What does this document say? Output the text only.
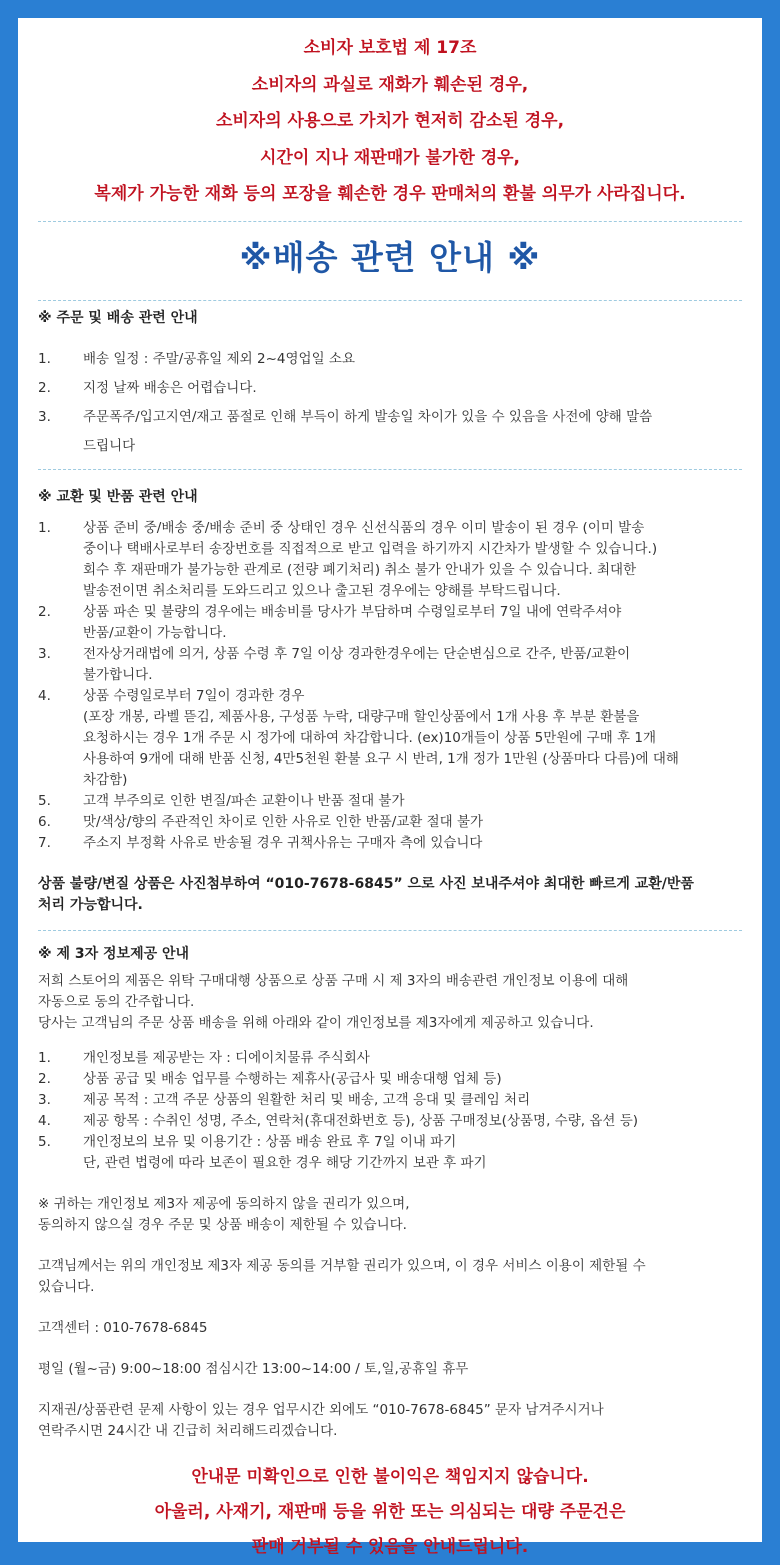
소비자 보호법 제 17조
소비자의 과실로 재화가 훼손된 경우,
소비자의 사용으로 가치가 현저히 감소된 경우,
시간이 지나 재판매가 불가한 경우,
복제가 가능한 재화 등의 포장을 훼손한 경우 판매처의 환불 의무가 사라집니다.
※배송 관련 안내 ※
※ 주문 및 배송 관련 안내
1.	배송 일정 : 주말/공휴일 제외 2~4영업일 소요
2.	지정 날짜 배송은 어렵습니다.
3.	주문폭주/입고지연/재고 품절로 인해 부득이 하게 발송일 차이가 있을 수 있음을 사전에 양해 말씀
드립니다
※ 교환 및 반품 관련 안내
1.	상품 준비 중/배송 중/배송 준비 중 상태인 경우 신선식품의 경우 이미 발송이 된 경우 (이미 발송
중이나 택배사로부터 송장번호를 직접적으로 받고 입력을 하기까지 시간차가 발생할 수 있습니다.)
회수 후 재판매가 불가능한 관계로 (전량 폐기처리) 취소 불가 안내가 있을 수 있습니다. 최대한
발송전이면 취소처리를 도와드리고 있으나 출고된 경우에는 양해를 부탁드립니다.
2.	상품 파손 및 불량의 경우에는 배송비를 당사가 부담하며 수령일로부터 7일 내에 연락주셔야
반품/교환이 가능합니다.
3.	전자상거래법에 의거, 상품 수령 후 7일 이상 경과한경우에는 단순변심으로 간주, 반품/교환이
불가합니다.
4.	상품 수령일로부터 7일이 경과한 경우
(포장 개봉, 라벨 뜯김, 제품사용, 구성품 누락, 대량구매 할인상품에서 1개 사용 후 부분 환불을
요청하시는 경우 1개 주문 시 정가에 대하여 차감합니다. (ex)10개들이 상품 5만원에 구매 후 1개
사용하여 9개에 대해 반품 신청, 4만5천원 환불 요구 시 반려, 1개 정가 1만원 (상품마다 다름)에 대해
차감함)
5.	고객 부주의로 인한 변질/파손 교환이나 반품 절대 불가
6.	맛/색상/향의 주관적인 차이로 인한 사유로 인한 반품/교환 절대 불가
7.	주소지 부정확 사유로 반송될 경우 귀책사유는 구매자 측에 있습니다
상품 불량/변질 상품은 사진첨부하여 “010-7678-6845” 으로 사진 보내주셔야 최대한 빠르게 교환/반품
처리 가능합니다.
※ 제 3자 정보제공 안내
저희 스토어의 제품은 위탁 구매대행 상품으로 상품 구매 시 제 3자의 배송관련 개인정보 이용에 대해
자동으로 동의 간주합니다.
당사는 고객님의 주문 상품 배송을 위해 아래와 같이 개인정보를 제3자에게 제공하고 있습니다.
1.	개인정보를 제공받는 자 : 디에이치물류 주식회사
2.	상품 공급 및 배송 업무를 수행하는 제휴사(공급사 및 배송대행 업체 등)
3.	제공 목적 : 고객 주문 상품의 원활한 처리 및 배송, 고객 응대 및 클레임 처리
4.	제공 항목 : 수취인 성명, 주소, 연락처(휴대전화번호 등), 상품 구매정보(상품명, 수량, 옵션 등)
5.	개인정보의 보유 및 이용기간 : 상품 배송 완료 후 7일 이내 파기
단, 관련 법령에 따라 보존이 필요한 경우 해당 기간까지 보관 후 파기
※ 귀하는 개인정보 제3자 제공에 동의하지 않을 권리가 있으며,
동의하지 않으실 경우 주문 및 상품 배송이 제한될 수 있습니다.
고객님께서는 위의 개인정보 제3자 제공 동의를 거부할 권리가 있으며, 이 경우 서비스 이용이 제한될 수
있습니다.
고객센터 : 010-7678-6845
평일 (월~금) 9:00~18:00 점심시간 13:00~14:00 / 토,일,공휴일 휴무
지재권/상품관련 문제 사항이 있는 경우 업무시간 외에도 “010-7678-6845” 문자 남겨주시거나
연락주시면 24시간 내 긴급히 처리해드리겠습니다.
안내문 미확인으로 인한 불이익은 책임지지 않습니다.
아울러, 사재기, 재판매 등을 위한 또는 의심되는 대량 주문건은
판매 거부될 수 있음을 안내드립니다.
